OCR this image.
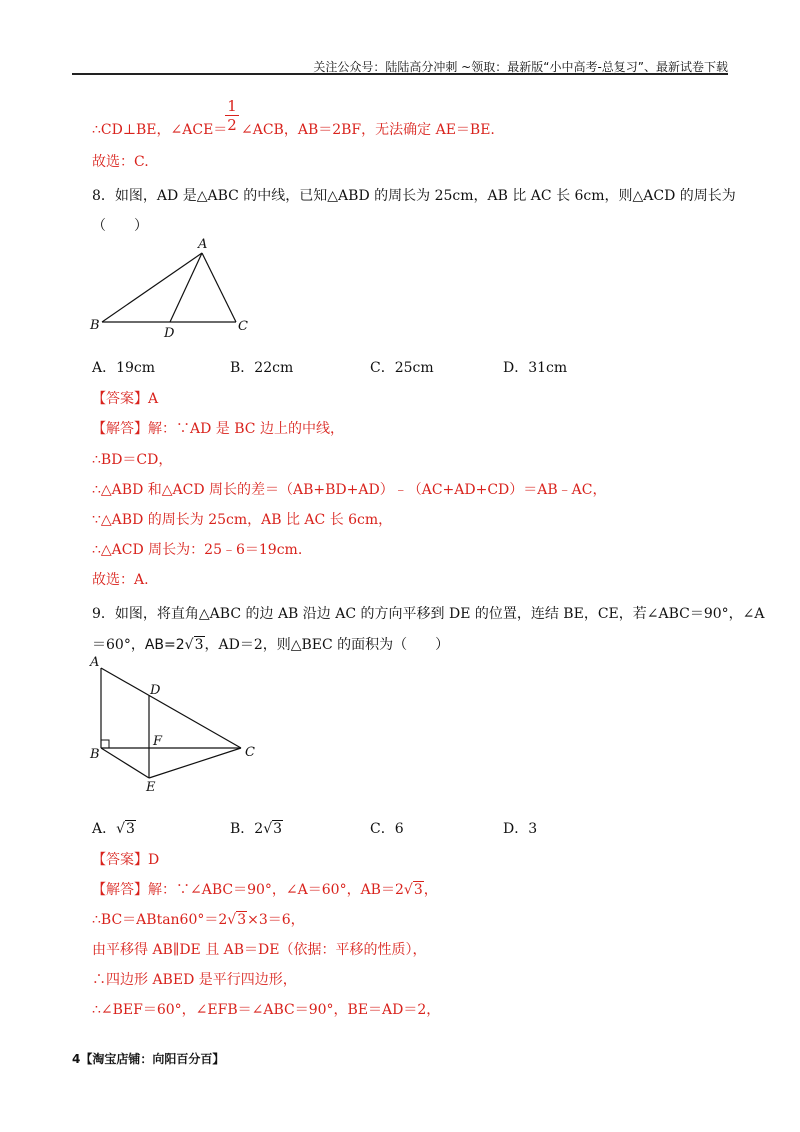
关注公众号：陆陆高分冲刺 ~领取：最新版“小中高考-总复习”、最新试卷下载
∴CD⊥BE，∠ACE＝
1
2 ∠ACB，AB＝2BF，无法确定 AE＝BE.
故选：C.
8．如图，AD 是△ABC 的中线，已知△ABD 的周长为 25cm，AB 比 AC 长 6cm，则△ACD 的周长为
（　　）
A
B	C
D
A．19cm	B．22cm	C．25cm	D．31cm
【答案】A
【解答】解：∵AD 是 BC 边上的中线，
∴BD＝CD，
∴△ABD 和△ACD 周长的差＝（AB+BD+AD）﹣（AC+AD+CD）＝AB﹣AC，
∵△ABD 的周长为 25cm，AB 比 AC 长 6cm，
∴△ACD 周长为：25﹣6＝19cm.
故选：A.
9．如图，将直角△ABC 的边 AB 沿边 AC 的方向平移到 DE 的位置，连结 BE，CE，若∠ABC＝90°，∠A
＝60°，AB=2√3，AD＝2，则△BEC 的面积为（　　）
A
B	C
D
E
F
A．√3	B．2√3	C．6	D．3
【答案】D
【解答】解：∵∠ABC＝90°，∠A＝60°，AB＝2√3，
∴BC＝ABtan60°＝2√3×3＝6，
由平移得 AB∥DE 且 AB＝DE（依据：平移的性质），
∴四边形 ABED 是平行四边形，
∴∠BEF＝60°，∠EFB＝∠ABC＝90°，BE＝AD＝2，
4【淘宝店铺：向阳百分百】
